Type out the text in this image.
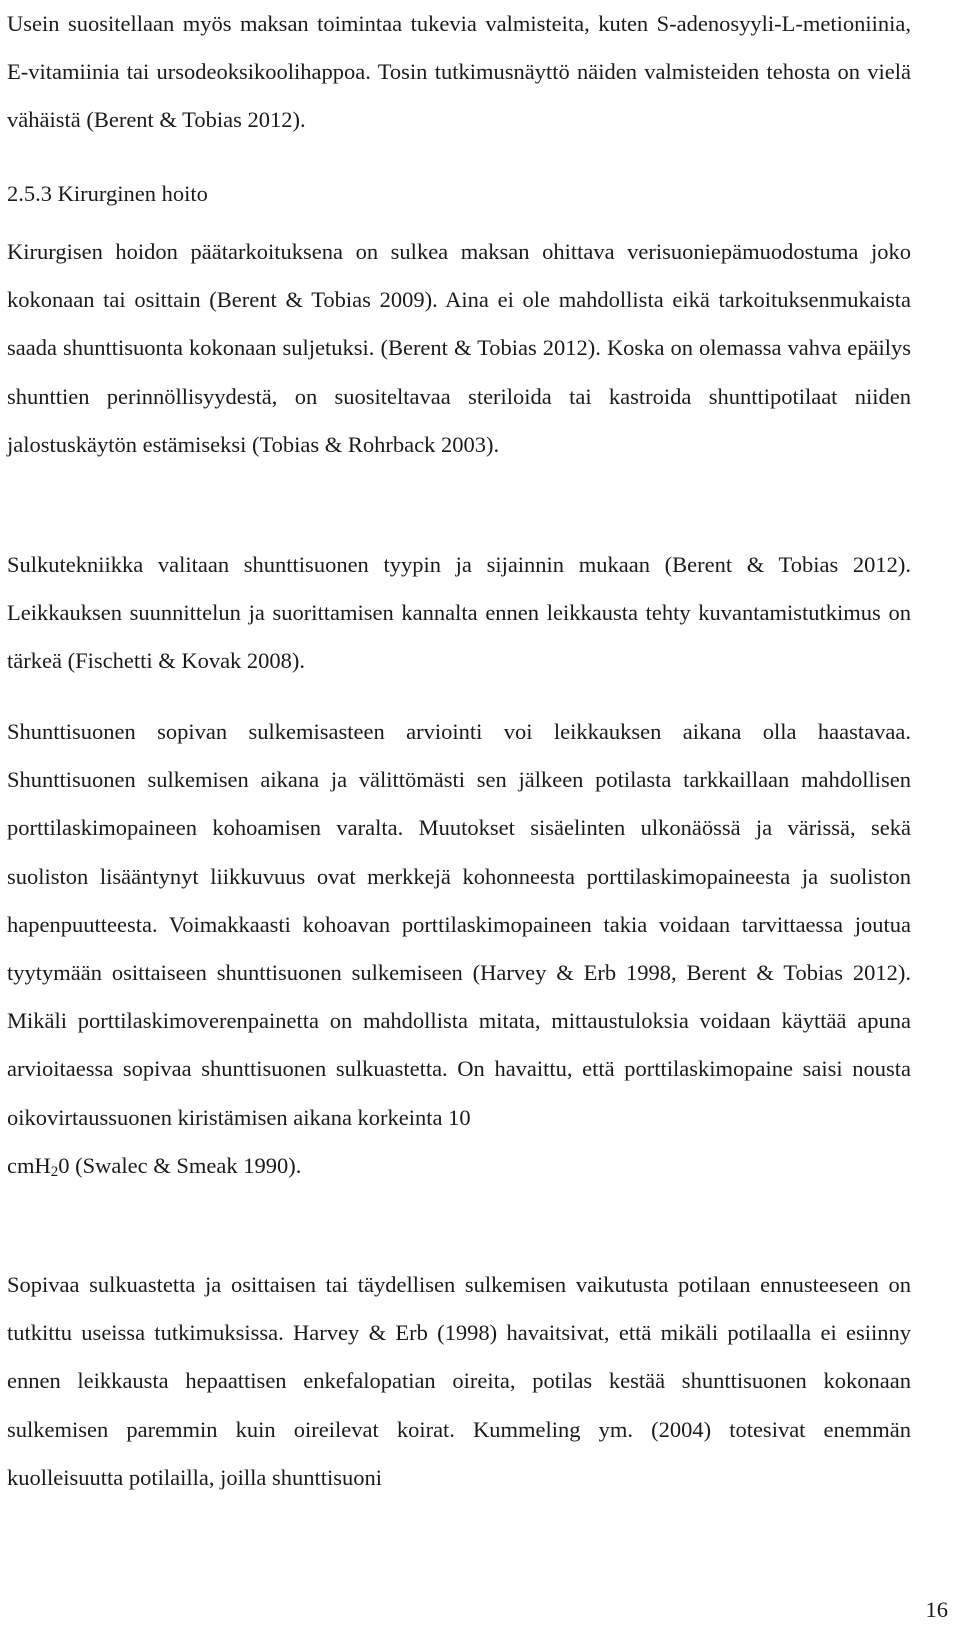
Usein suositellaan myös maksan toimintaa tukevia valmisteita, kuten S-adenosyyli-L-metioniinia, E-vitamiinia tai ursodeoksikoolihappoa. Tosin tutkimusnäyttö näiden valmisteiden tehosta on vielä vähäistä (Berent & Tobias 2012).

2.5.3 Kirurginen hoito

Kirurgisen hoidon päätarkoituksena on sulkea maksan ohittava verisuoniepämuodostuma joko kokonaan tai osittain (Berent & Tobias 2009). Aina ei ole mahdollista eikä tarkoituksenmukaista saada shunttisuonta kokonaan suljetuksi. (Berent & Tobias 2012). Koska on olemassa vahva epäilys shunttien perinnöllisyydestä, on suositeltavaa steriloida tai kastroida shunttipotilaat niiden jalostuskäytön estämiseksi (Tobias & Rohrback 2003).

Sulkutekniikka valitaan shunttisuonen tyypin ja sijainnin mukaan (Berent & Tobias 2012). Leikkauksen suunnittelun ja suorittamisen kannalta ennen leikkausta tehty kuvantamistutkimus on tärkeä (Fischetti & Kovak 2008).

Shunttisuonen sopivan sulkemisasteen arviointi voi leikkauksen aikana olla haastavaa. Shunttisuonen sulkemisen aikana ja välittömästi sen jälkeen potilasta tarkkaillaan mahdollisen porttilaskimopaineen kohoamisen varalta. Muutokset sisäelinten ulkonäössä ja värissä, sekä suoliston lisääntynyt liikkuvuus ovat merkkejä kohonneesta porttilaskimopaineesta ja suoliston hapenpuutteesta. Voimakkaasti kohoavan porttilaskimopaineen takia voidaan tarvittaessa joutua tyytymään osittaiseen shunttisuonen sulkemiseen (Harvey & Erb 1998, Berent & Tobias 2012). Mikäli porttilaskimoverenpainetta on mahdollista mitata, mittaustuloksia voidaan käyttää apuna arvioitaessa sopivaa shunttisuonen sulkuastetta. On havaittu, että porttilaskimopaine saisi nousta oikovirtaussuonen kiristämisen aikana korkeinta 10
cmH$_2$0 (Swalec & Smeak 1990).

Sopivaa sulkuastetta ja osittaisen tai täydellisen sulkemisen vaikutusta potilaan ennusteeseen on tutkittu useissa tutkimuksissa. Harvey & Erb (1998) havaitsivat, että mikäli potilaalla ei esiinny ennen leikkausta hepaattisen enkefalopatian oireita, potilas kestää shunttisuonen kokonaan sulkemisen paremmin kuin oireilevat koirat. Kummeling ym. (2004) totesivat enemmän kuolleisuutta potilailla, joilla shunttisuoni

16
